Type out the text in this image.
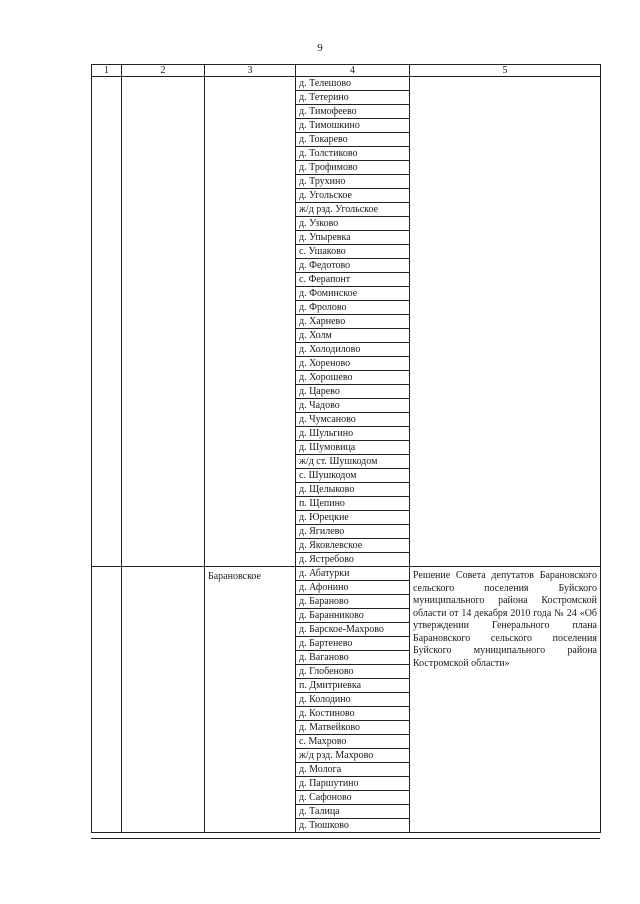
9
1	2	3	4	5
			д. Телешово	
			д. Тетерино	
			д. Тимофеево	
			д. Тимошкино	
			д. Токарево	
			д. Толстиково	
			д. Трофимово	
			д. Трухино	
			д. Угольское	
			ж/д рзд. Угольское	
			д. Узково	
			д. Упыревка	
			с. Ушаково	
			д. Федотово	
			с. Ферапонт	
			д. Фоминское	
			д. Фролово	
			д. Харнево	
			д. Холм	
			д. Холодилово	
			д. Хореново	
			д. Хорошево	
			д. Царево	
			д. Чадово	
			д. Чумсаново	
			д. Шульгино	
			д. Шумовица	
			ж/д ст. Шушкодом	
			с. Шушкодом	
			д. Щелыково	
			п. Щепино	
			д. Юрецкие	
			д. Ягилево	
			д. Яковлевское	
			д. Ястребово	
		Барановское	д. Абатурки	Решение Совета депутатов Барановского сельского поселения Буйского муниципального района Костромской области от 14 декабря 2010 года № 24 «Об утверждении Генерального плана Барановского сельского поселения Буйского муниципального района Костромской области»
			д. Афонино	
			д. Бараново	
			д. Баранниково	
			д. Барское-Махрово	
			д. Бартенево	
			д. Ваганово	
			д. Глобеново	
			п. Дмитриевка	
			д. Колодино	
			д. Костиново	
			д. Матвейково	
			с. Махрово	
			ж/д рзд. Махрово	
			д. Молога	
			д. Паршутино	
			д. Сафоново	
			д. Талица	
			д. Тюшково	
